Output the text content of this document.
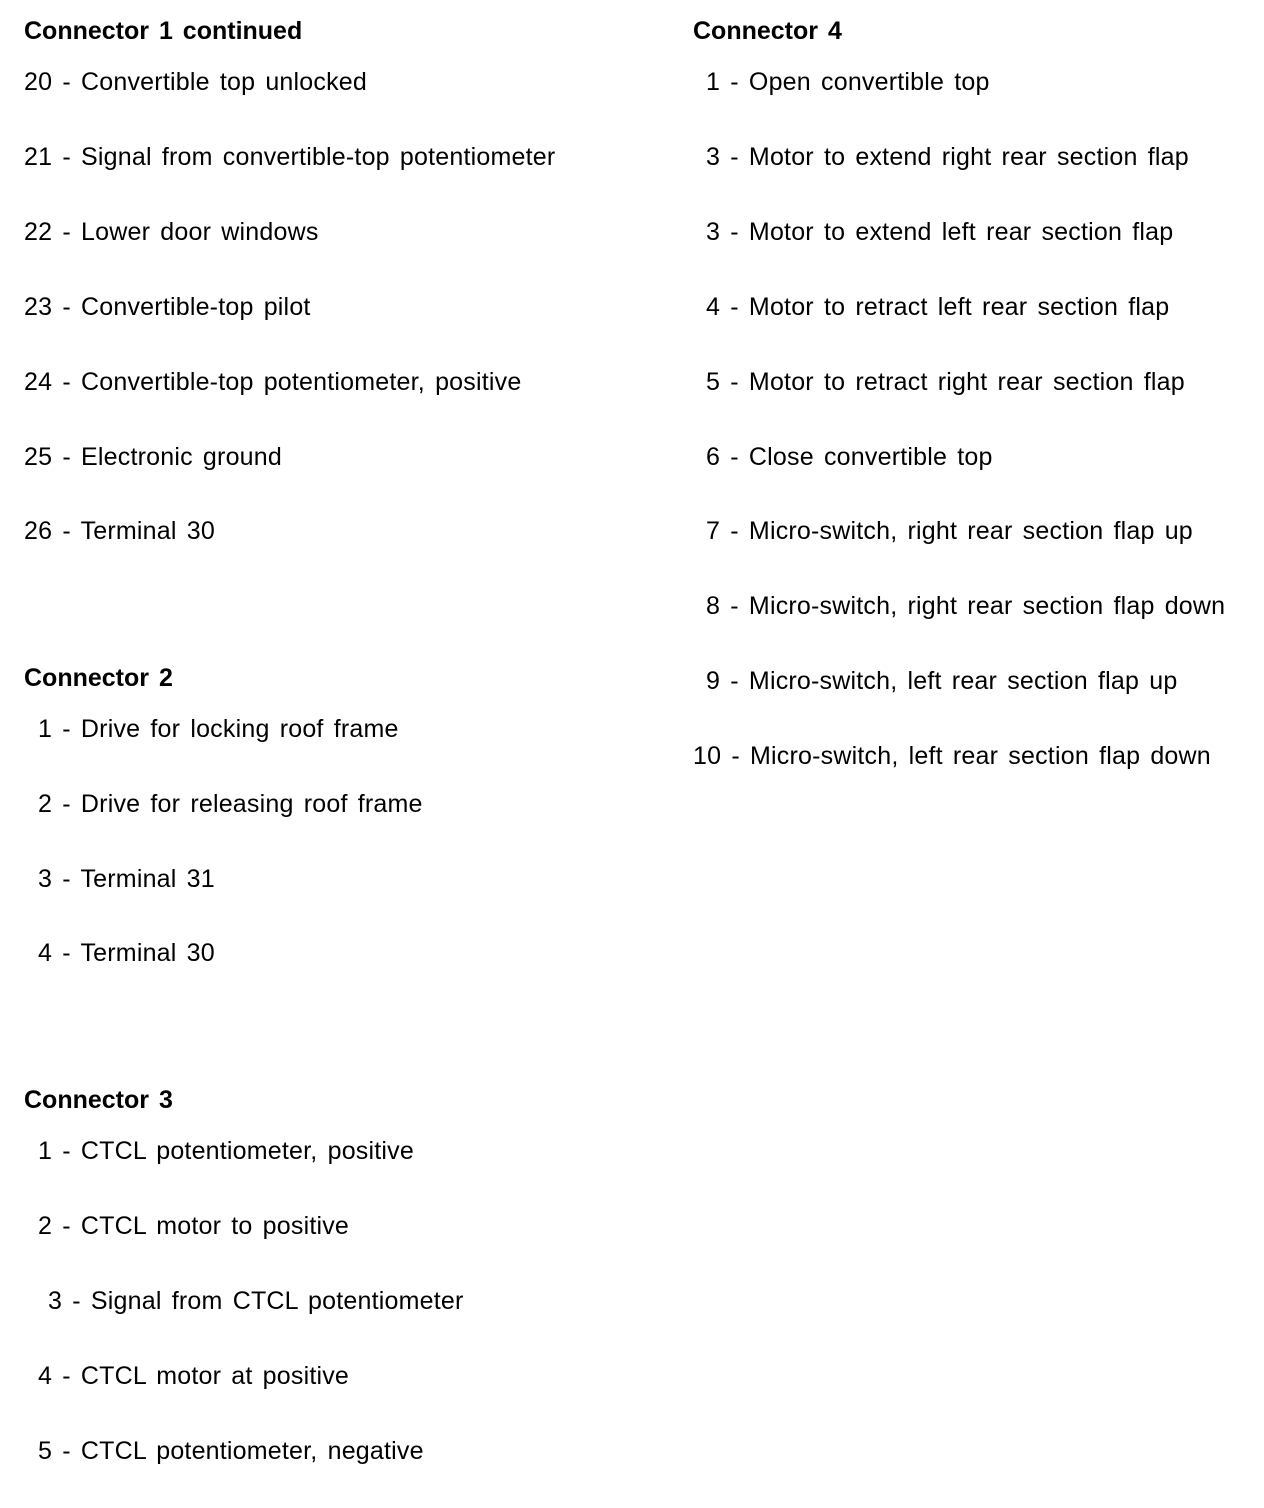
Connector 1 continued
20 - Convertible top unlocked
21 - Signal from convertible-top potentiometer
22 - Lower door windows
23 - Convertible-top pilot
24 - Convertible-top potentiometer, positive
25 - Electronic ground
26 - Terminal 30
Connector 2
1 - Drive for locking roof frame
2 - Drive for releasing roof frame
3 - Terminal 31
4 - Terminal 30
Connector 3
1 - CTCL potentiometer, positive
2 - CTCL motor to positive
3 - Signal from CTCL potentiometer
4 - CTCL motor at positive
5 - CTCL potentiometer, negative
Connector 4
1 - Open convertible top
3 - Motor to extend right rear section flap
3 - Motor to extend left rear section flap
4 - Motor to retract left rear section flap
5 - Motor to retract right rear section flap
6 - Close convertible top
7 - Micro-switch, right rear section flap up
8 - Micro-switch, right rear section flap down
9 - Micro-switch, left rear section flap up
10 - Micro-switch, left rear section flap down
